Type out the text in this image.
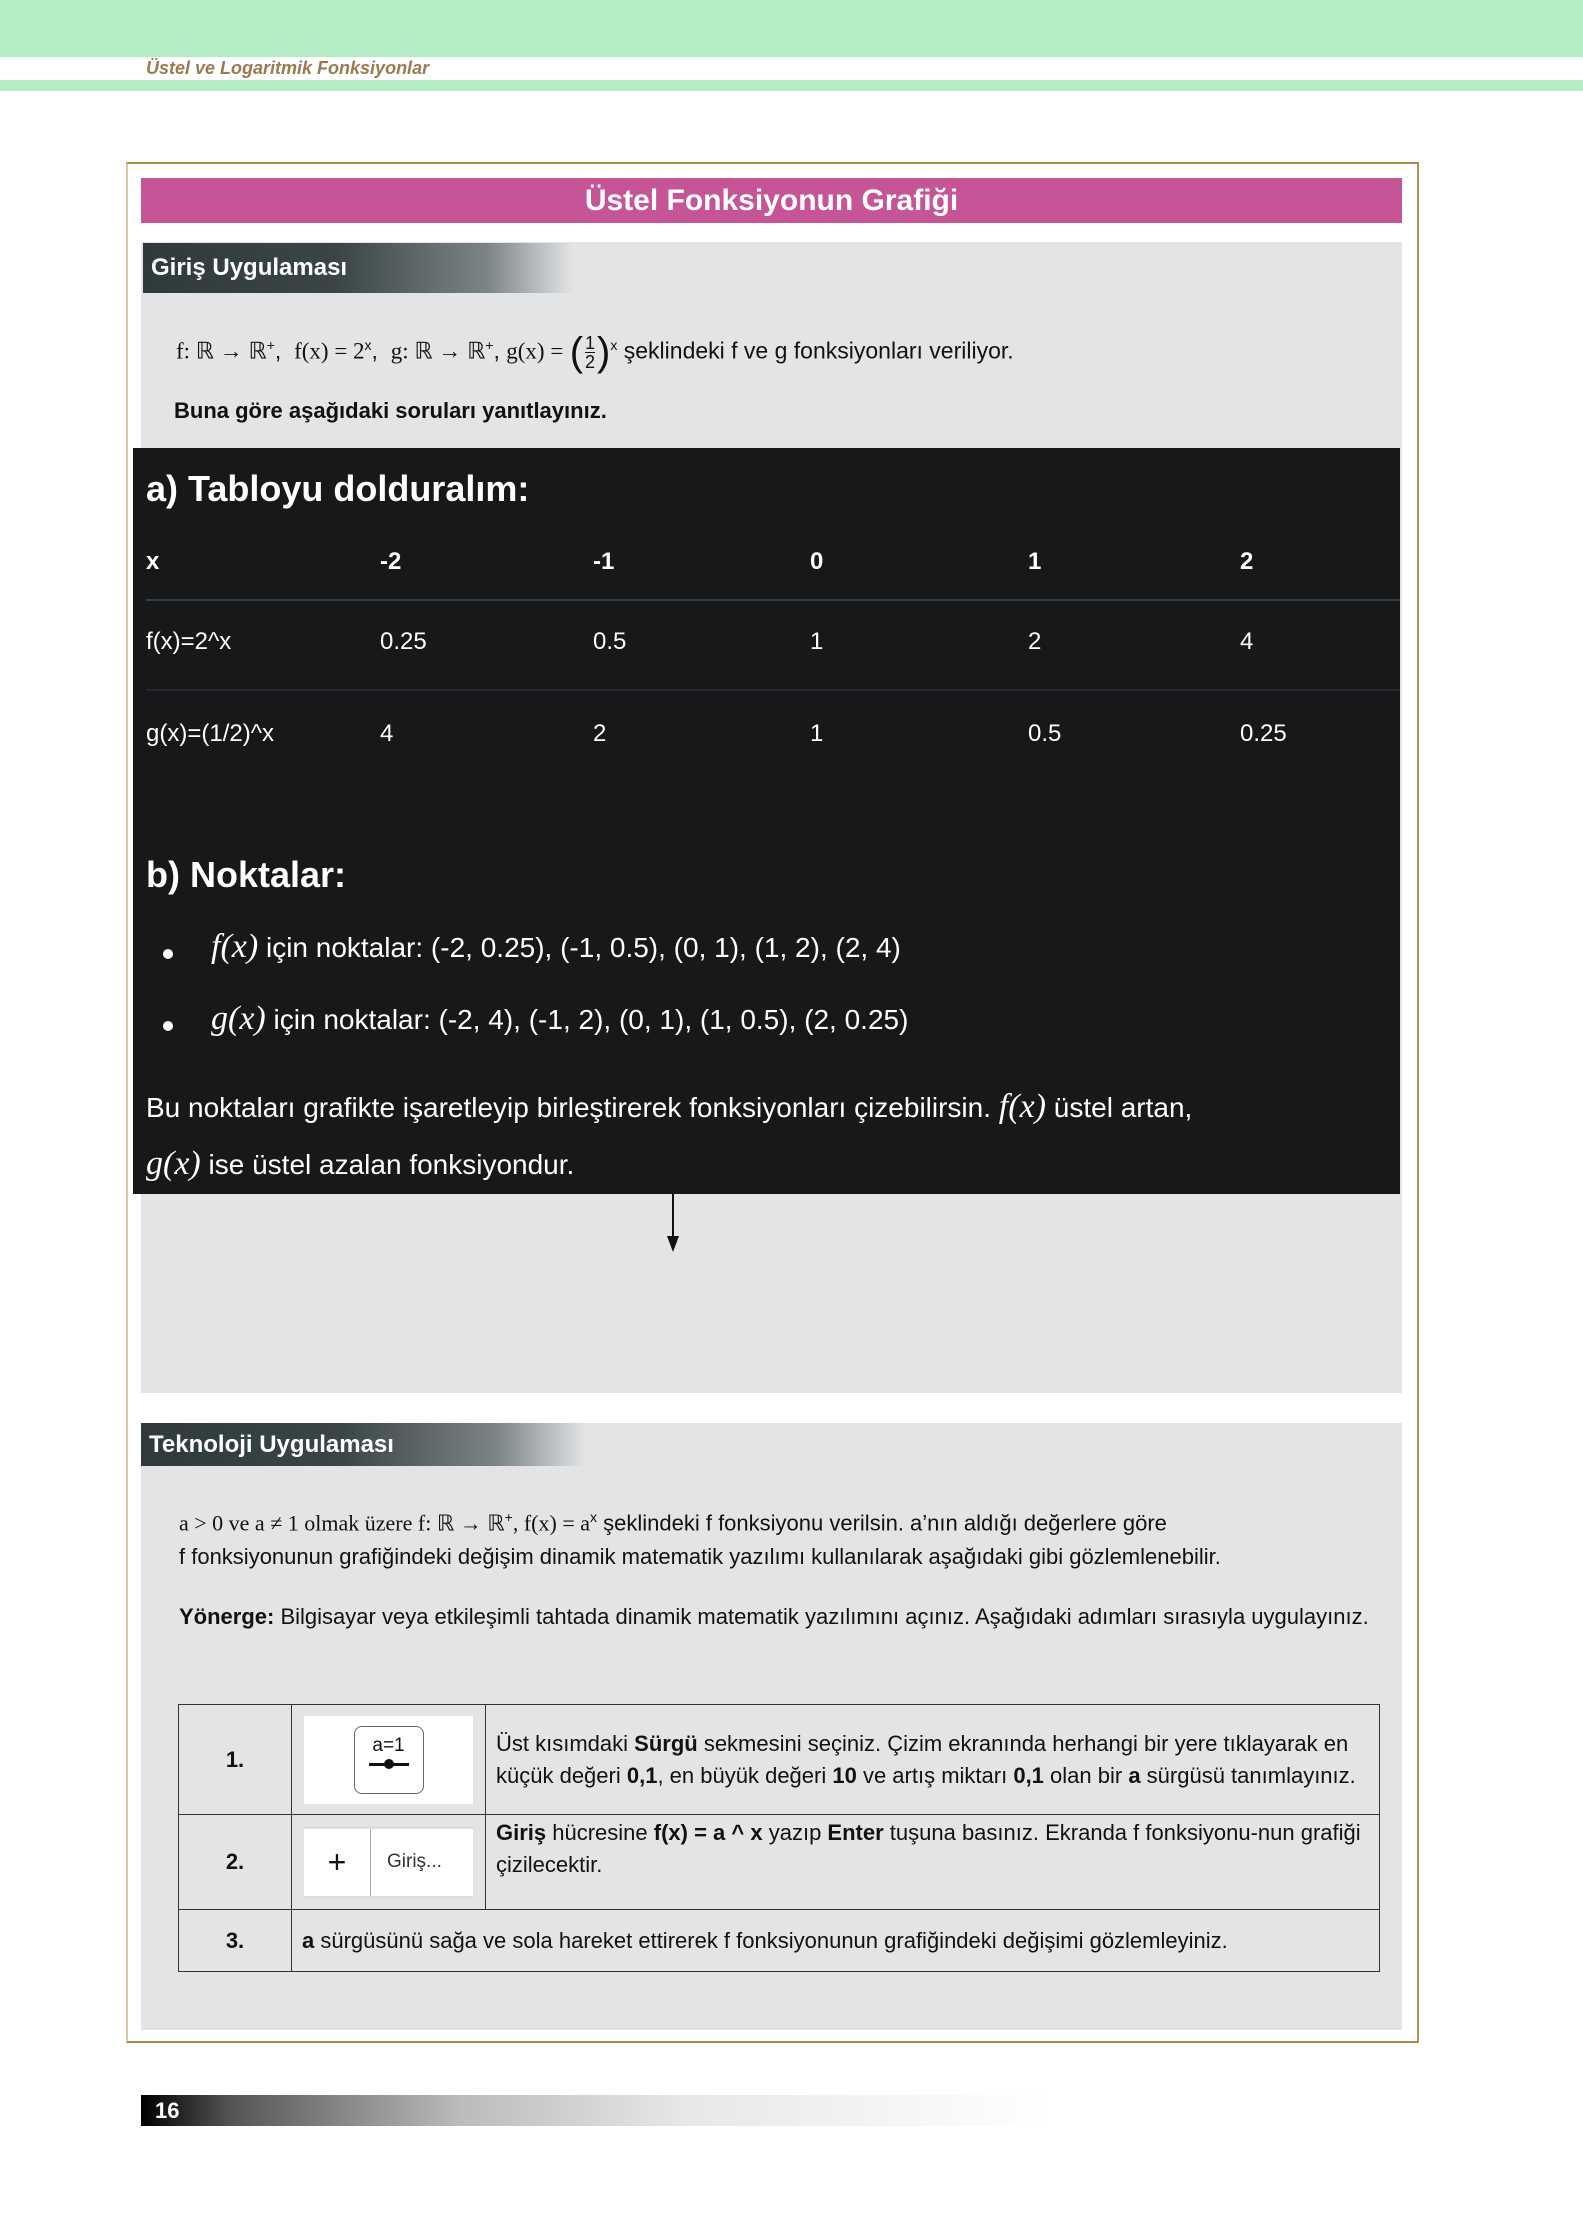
Üstel ve Logaritmik Fonksiyonlar
Üstel Fonksiyonun Grafiği
Giriş Uygulaması
f: ℝ → ℝ+,  $f(x) = 2^x$,  g: ℝ → ℝ+, g(x) = ( $\frac{1}{2} )^x$ şeklindeki f ve g fonksiyonları veriliyor.
Buna göre aşağıdaki soruları yanıtlayınız.
a) Tabloyu dolduralım:
x	-2	-1	0	1	2
f(x)=2^x	0.25	0.5	1	2	4
g(x)=(1/2)^x	4	2	1	0.5	0.25
b) Noktalar:
f(x) için noktalar: (-2, 0.25), (-1, 0.5), (0, 1), (1, 2), (2, 4)
g(x) için noktalar: (-2, 4), (-1, 2), (0, 1), (1, 0.5), (2, 0.25)
Bu noktaları grafikte işaretleyip birleştirerek fonksiyonları çizebilirsin. f(x) üstel artan,
g(x) ise üstel azalan fonksiyondur.
Teknoloji Uygulaması
a > 0 ve a ≠ 1 olmak üzere f: ℝ → ℝ+, $f(x) = a^x$ şeklindeki f fonksiyonu verilsin. a’nın aldığı değerlere göre
f fonksiyonunun grafiğindeki değişim dinamik matematik yazılımı kullanılarak aşağıdaki gibi gözlemlenebilir.
Yönerge: Bilgisayar veya etkileşimli tahtada dinamik matematik yazılımını açınız. Aşağıdaki adımları sırasıyla uygulayınız.
1.	a=1	Üst kısımdaki Sürgü sekmesini seçiniz. Çizim ekranında herhangi bir yere tıklayarak en küçük değeri 0,1, en büyük değeri 10 ve artış miktarı 0,1 olan bir a sürgüsü tanımlayınız.
2.	+ Giriş...	Giriş hücresine f(x) = a ^ x yazıp Enter tuşuna basınız. Ekranda f fonksiyonu-nun grafiği çizilecektir.
3.	a sürgüsünü sağa ve sola hareket ettirerek f fonksiyonunun grafiğindeki değişimi gözlemleyiniz.	
16
